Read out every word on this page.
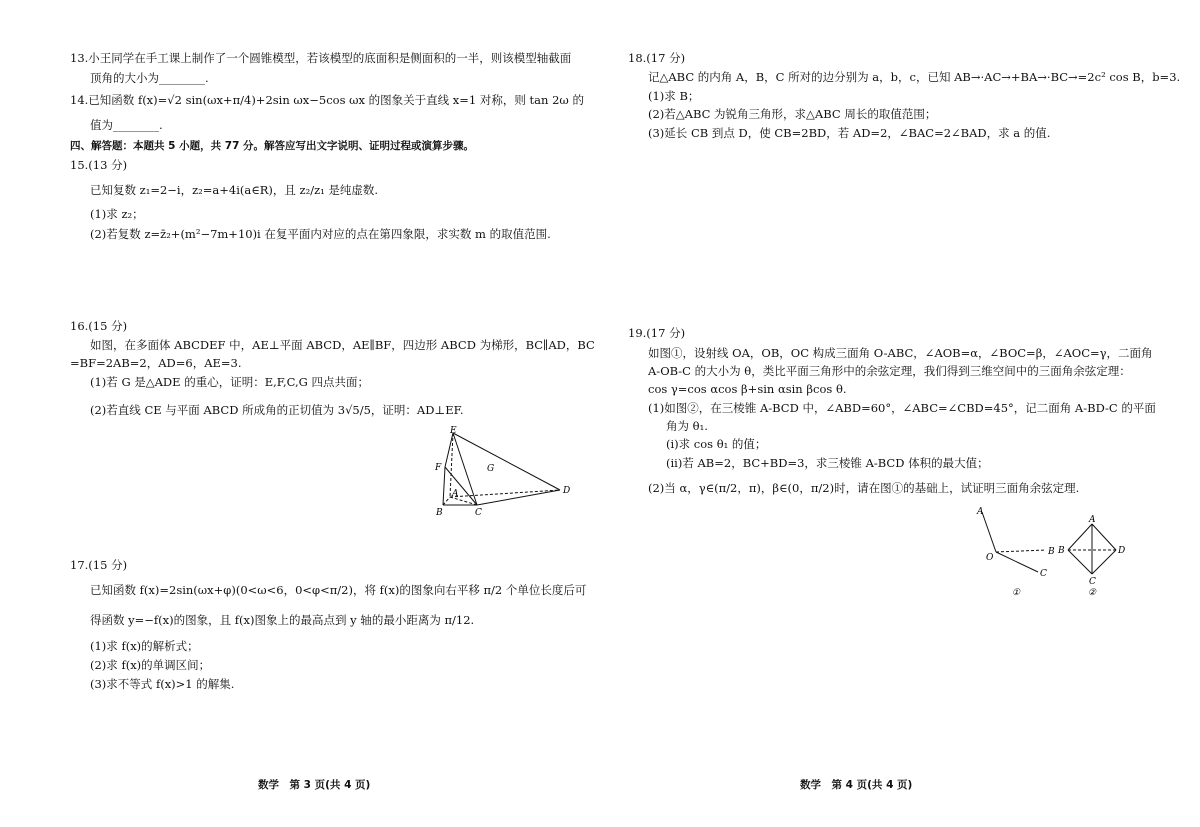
13.小王同学在手工课上制作了一个圆锥模型，若该模型的底面积是侧面积的一半，则该模型轴截面
顶角的大小为________.
14.已知函数 f(x)=√2 sin(ωx+π/4)+2sin ωx−5cos ωx 的图象关于直线 x=1 对称，则 tan 2ω 的
值为________.
四、解答题：本题共 5 小题，共 77 分。解答应写出文字说明、证明过程或演算步骤。
15.(13 分)
已知复数 z₁=2−i，z₂=a+4i(a∈R)，且 z₂/z₁ 是纯虚数.
(1)求 z₂；
(2)若复数 z=z̄₂+(m²−7m+10)i 在复平面内对应的点在第四象限，求实数 m 的取值范围.
16.(15 分)
如图，在多面体 ABCDEF 中，AE⊥平面 ABCD，AE∥BF，四边形 ABCD 为梯形，BC∥AD，BC
=BF=2AB=2，AD=6，AE=3.
(1)若 G 是△ADE 的重心，证明：E,F,C,G 四点共面；
(2)若直线 CE 与平面 ABCD 所成角的正切值为 3√5/5，证明：AD⊥EF.
E
F	G
A
B	C
D
17.(15 分)
已知函数 f(x)=2sin(ωx+φ)(0<ω<6，0<φ<π/2)，将 f(x)的图象向右平移 π/2 个单位长度后可
得函数 y=−f(x)的图象，且 f(x)图象上的最高点到 y 轴的最小距离为 π/12.
(1)求 f(x)的解析式；
(2)求 f(x)的单调区间；
(3)求不等式 f(x)>1 的解集.
数学　第 3 页(共 4 页)
18.(17 分)
记△ABC 的内角 A，B，C 所对的边分别为 a，b，c，已知 AB→·AC→+BA→·BC→=2c² cos B，b=3.
(1)求 B；
(2)若△ABC 为锐角三角形，求△ABC 周长的取值范围；
(3)延长 CB 到点 D，使 CB=2BD，若 AD=2，∠BAC=2∠BAD，求 a 的值.
19.(17 分)
如图①，设射线 OA，OB，OC 构成三面角 O-ABC，∠AOB=α，∠BOC=β，∠AOC=γ，二面角
A-OB-C 的大小为 θ，类比平面三角形中的余弦定理，我们得到三维空间中的三面角余弦定理：
cos γ=cos αcos β+sin αsin βcos θ.
(1)如图②，在三棱锥 A-BCD 中，∠ABD=60°，∠ABC=∠CBD=45°，记二面角 A-BD-C 的平面
角为 θ₁.
(i)求 cos θ₁ 的值；
(ii)若 AB=2，BC+BD=3，求三棱锥 A-BCD 体积的最大值；
(2)当 α，γ∈(π/2，π)，β∈(0，π/2)时，请在图①的基础上，试证明三面角余弦定理.
A
O
B
C
①
A
B
C
D
②
数学　第 4 页(共 4 页)
